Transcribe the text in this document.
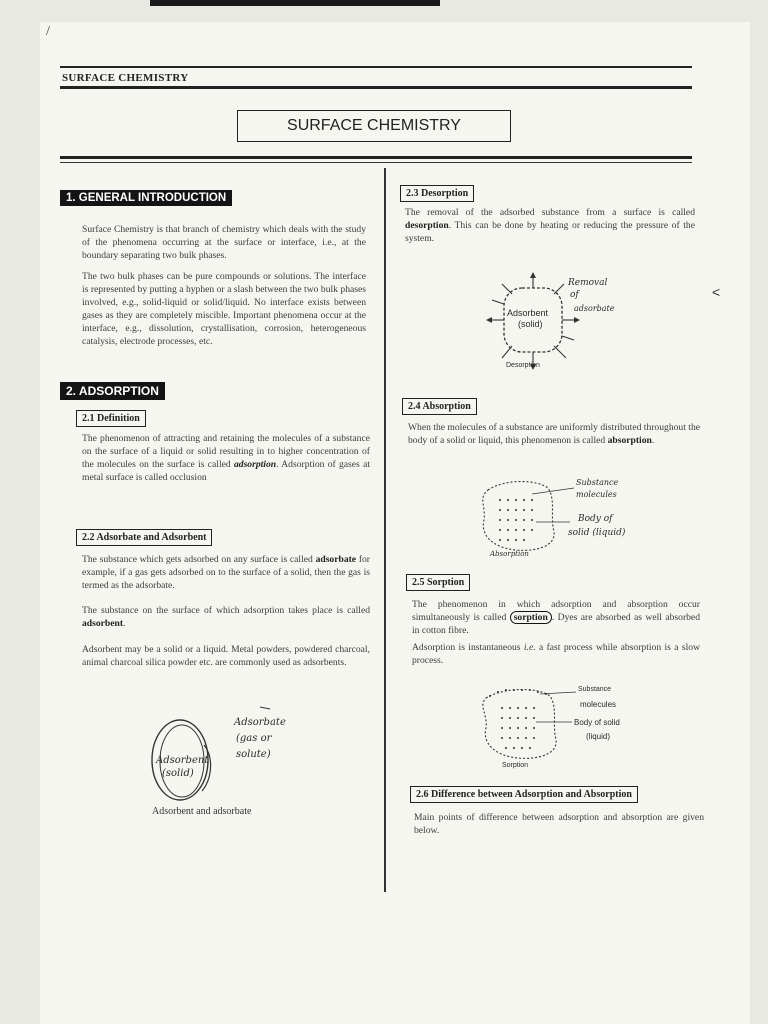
/
<
SURFACE CHEMISTRY
SURFACE CHEMISTRY
1. GENERAL INTRODUCTION
Surface Chemistry is that branch of chemistry which deals with the study of the phenomena occurring at the surface or interface, i.e., at the boundary separating two bulk phases.
The two bulk phases can be pure compounds or solutions. The interface is represented by putting a hyphen or a slash between the two bulk phases involved, e.g., solid-liquid or solid/liquid. No interface exists between gases as they are completely miscible. Important phenomena occur at the interface, e.g., dissolution, crystallisation, corrosion, heterogeneous catalysis, electrode processes, etc.
2. ADSORPTION
2.1 Definition
The phenomenon of attracting and retaining the molecules of a substance on the surface of a liquid or solid resulting in to higher concentration of the molecules on the surface is called adsorption. Adsorption of gases at metal surface is called occlusion
2.2 Adsorbate and Adsorbent
The substance which gets adsorbed on any surface is called adsorbate for example, if a gas gets adsorbed on to the surface of a solid, then the gas is termed as the adsorbate.
The substance on the surface of which adsorption takes place is called adsorbent.
Adsorbent may be a solid or a liquid. Metal powders, powdered charcoal, animal charcoal silica powder etc. are commonly used as adsorbents.
Adsorbent
(solid)
Adsorbate
(gas or
solute)
Adsorbent and adsorbate
2.3 Desorption
The removal of the adsorbed substance from a surface is called desorption. This can be done by heating or reducing the pressure of the system.
Adsorbent
(solid)
Removal
of
adsorbate
Desorption
2.4 Absorption
When the molecules of a substance are uniformly distributed throughout the body of a solid or liquid, this phenomenon is called absorption.
Substance
molecules
Body of
solid (liquid)
Absorption
2.5 Sorption
The phenomenon in which adsorption and absorption occur simultaneously is called sorption . Dyes are absorbed as well absorbed in cotton fibre.
Adsorption is instantaneous i.e. a fast process while absorption is a slow process.
Substance
molecules
Body of solid
(liquid)
Sorption
2.6 Difference between Adsorption and Absorption
Main points of difference between adsorption and absorption are given below.
